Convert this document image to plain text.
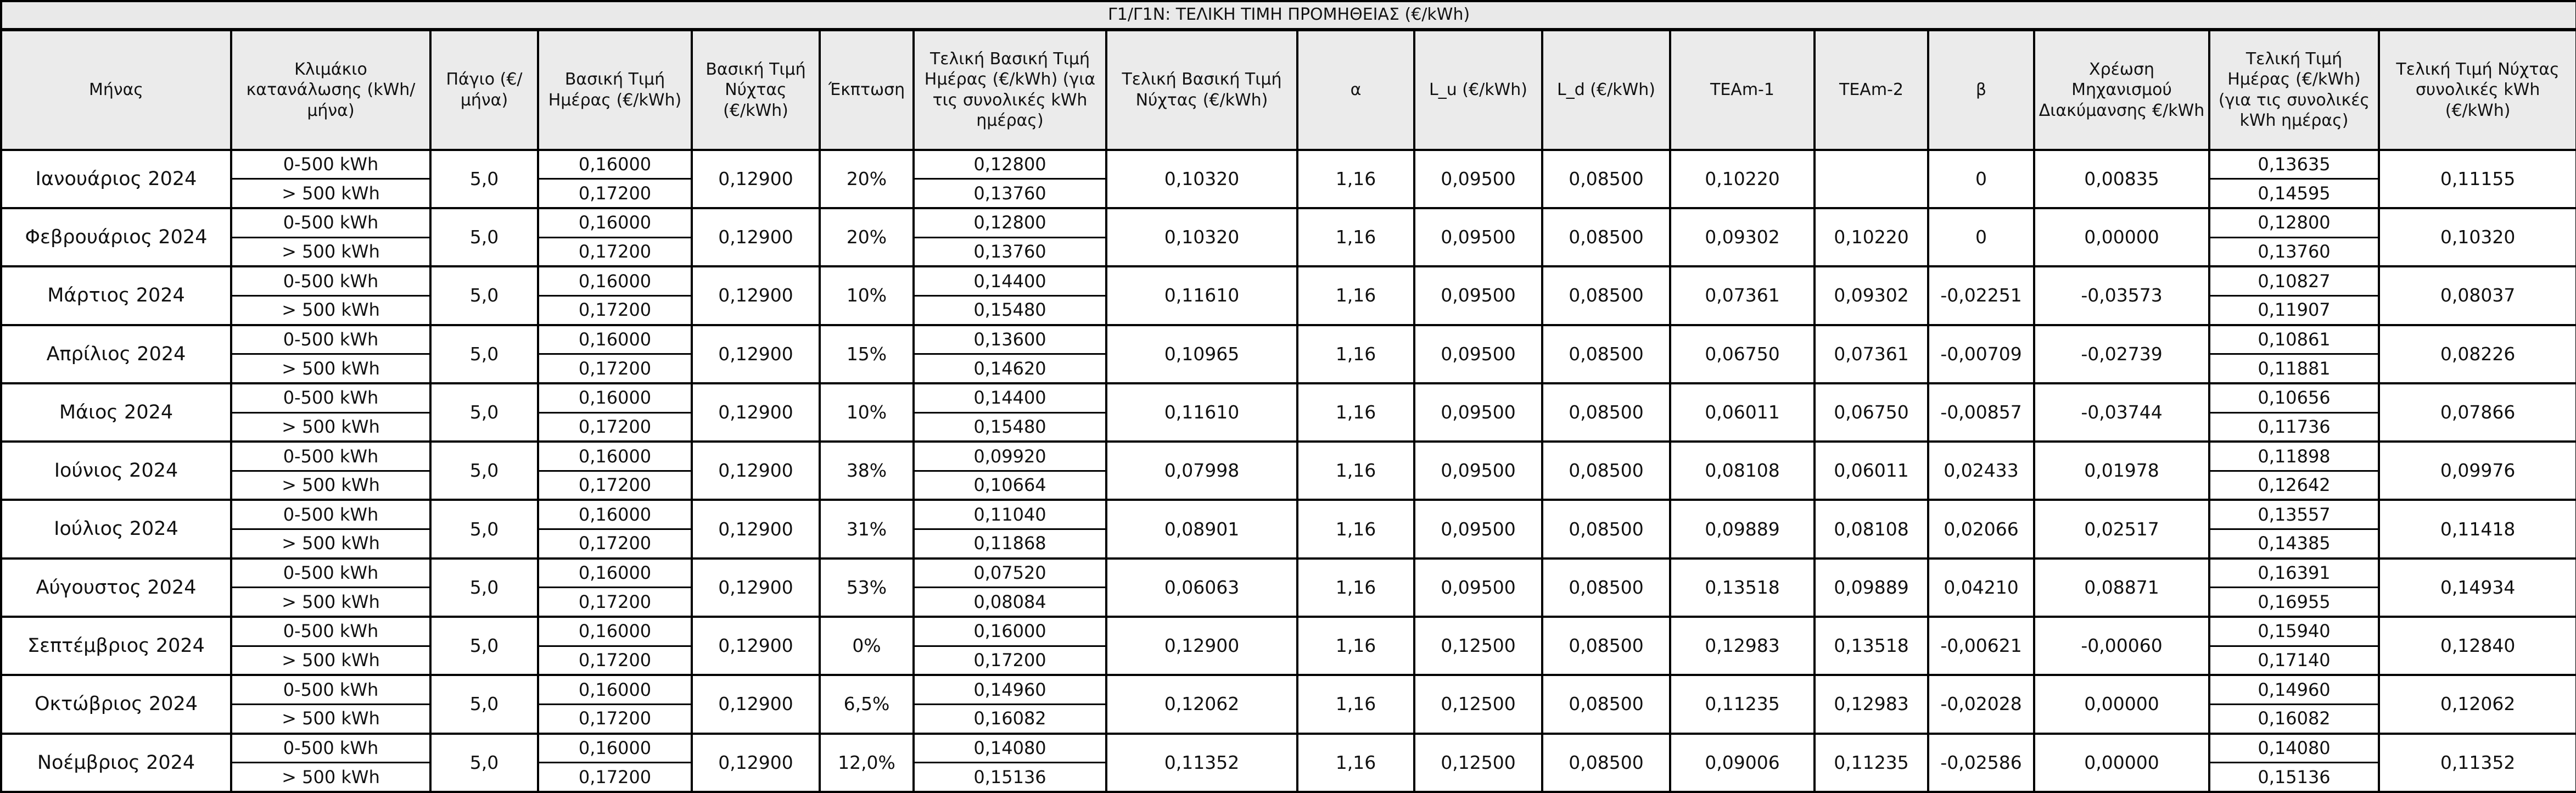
Γ1/Γ1Ν: ΤΕΛΙΚΗ ΤΙΜΗ ΠΡΟΜΗΘΕΙΑΣ (€/kWh)																
Μήνας	Κλιμάκιο κατανάλωσης (kWh/μήνα)	Πάγιο (€/μήνα)	Βασική Τιμή Ημέρας (€/kWh)	Βασική Τιμή Νύχτας (€/kWh)	Έκπτωση	Τελική Βασική Τιμή Ημέρας (€/kWh) (για τις συνολικές kWh ημέρας)	Τελική Βασική Τιμή Νύχτας (€/kWh)	α	L_u (€/kWh)	L_d (€/kWh)	TEAm-1	TEAm-2	β	Χρέωση Μηχανισμού Διακύμανσης €/kWh	Τελική Τιμή Ημέρας (€/kWh) (για τις συνολικές kWh ημέρας)	Τελική Τιμή Νύχτας συνολικές kWh (€/kWh)
Ιανουάριος 2024	0-500 kWh	5,0	0,16000	0,12900	20%	0,12800	0,10320	1,16	0,09500	0,08500	0,10220		0	0,00835	0,13635	0,11155
	> 500 kWh		0,17200			0,13760									0,14595	
Φεβρουάριος 2024	0-500 kWh	5,0	0,16000	0,12900	20%	0,12800	0,10320	1,16	0,09500	0,08500	0,09302	0,10220	0	0,00000	0,12800	0,10320
	> 500 kWh		0,17200			0,13760									0,13760	
Μάρτιος 2024	0-500 kWh	5,0	0,16000	0,12900	10%	0,14400	0,11610	1,16	0,09500	0,08500	0,07361	0,09302	-0,02251	-0,03573	0,10827	0,08037
	> 500 kWh		0,17200			0,15480									0,11907	
Απρίλιος 2024	0-500 kWh	5,0	0,16000	0,12900	15%	0,13600	0,10965	1,16	0,09500	0,08500	0,06750	0,07361	-0,00709	-0,02739	0,10861	0,08226
	> 500 kWh		0,17200			0,14620									0,11881	
Μάιος 2024	0-500 kWh	5,0	0,16000	0,12900	10%	0,14400	0,11610	1,16	0,09500	0,08500	0,06011	0,06750	-0,00857	-0,03744	0,10656	0,07866
	> 500 kWh		0,17200			0,15480									0,11736	
Ιούνιος 2024	0-500 kWh	5,0	0,16000	0,12900	38%	0,09920	0,07998	1,16	0,09500	0,08500	0,08108	0,06011	0,02433	0,01978	0,11898	0,09976
	> 500 kWh		0,17200			0,10664									0,12642	
Ιούλιος 2024	0-500 kWh	5,0	0,16000	0,12900	31%	0,11040	0,08901	1,16	0,09500	0,08500	0,09889	0,08108	0,02066	0,02517	0,13557	0,11418
	> 500 kWh		0,17200			0,11868									0,14385	
Αύγουστος 2024	0-500 kWh	5,0	0,16000	0,12900	53%	0,07520	0,06063	1,16	0,09500	0,08500	0,13518	0,09889	0,04210	0,08871	0,16391	0,14934
	> 500 kWh		0,17200			0,08084									0,16955	
Σεπτέμβριος 2024	0-500 kWh	5,0	0,16000	0,12900	0%	0,16000	0,12900	1,16	0,12500	0,08500	0,12983	0,13518	-0,00621	-0,00060	0,15940	0,12840
	> 500 kWh		0,17200			0,17200									0,17140	
Οκτώβριος 2024	0-500 kWh	5,0	0,16000	0,12900	6,5%	0,14960	0,12062	1,16	0,12500	0,08500	0,11235	0,12983	-0,02028	0,00000	0,14960	0,12062
	> 500 kWh		0,17200			0,16082									0,16082	
Νοέμβριος 2024	0-500 kWh	5,0	0,16000	0,12900	12,0%	0,14080	0,11352	1,16	0,12500	0,08500	0,09006	0,11235	-0,02586	0,00000	0,14080	0,11352
	> 500 kWh		0,17200			0,15136									0,15136	
